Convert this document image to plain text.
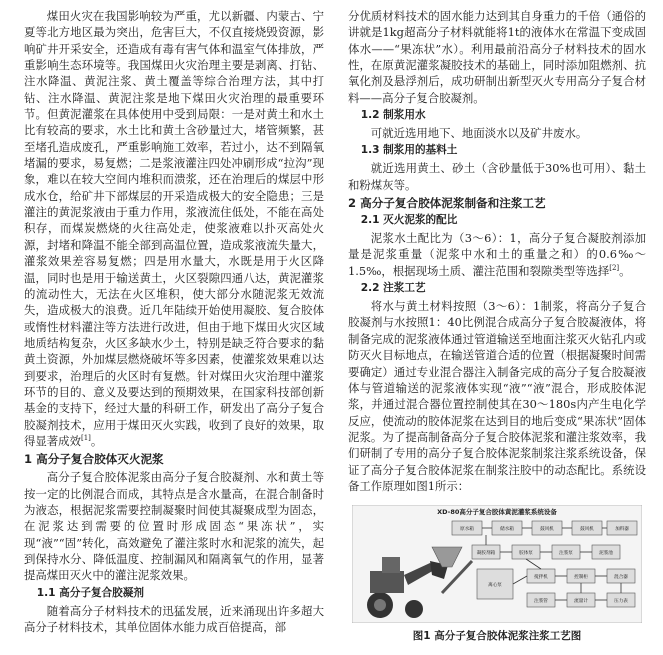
煤田火灾在我国影响较为严重，尤以新疆、内蒙古、宁夏等北方地区最为突出，危害巨大，不仅直接烧毁资源，影响矿井开采安全，还造成有毒有害气体和温室气体排放，严重影响生态环境等。我国煤田火灾治理主要是剥离、打钻、注水降温、黄泥注浆、黄土覆盖等综合治理方法，其中打钻、注水降温、黄泥注浆是地下煤田火灾治理的最重要环节。但黄泥灌浆在具体使用中受到局限：一是对黄土和水土比有较高的要求，水土比和黄土含砂量过大，堵管频繁，甚至堵孔造成废孔，严重影响施工效率，若过小，达不到隔氧堵漏的要求，易复燃；二是浆液灌注四处冲刷形成“拉沟”现象，难以在较大空间内堆积而溃浆，还在治理后的煤层中形成水仓，给矿井下部煤层的开采造成极大的安全隐患；三是灌注的黄泥浆液由于重力作用，浆液流住低处，不能在高处积存，而煤炭燃烧的火往高处走，使浆液难以扑灭高处火源，封堵和降温不能全部到高温位置，造成浆液流失量大，灌浆效果差容易复燃；四是用水量大，水既是用于火区降温，同时也是用于输送黄土，火区裂隙四通八达，黄泥灌浆的流动性大，无法在火区堆积，使大部分水随泥浆无效流失，造成极大的浪费。近几年陆续开始使用凝胶、复合胶体或惰性材料灌注等方法进行改进，但由于地下煤田火灾区域地质结构复杂，火区多缺水少土，特别是缺乏符合要求的黏黄土资源，外加煤层燃烧破坏等多因素，使灌浆效果难以达到要求，治理后的火区时有复燃。针对煤田火灾治理中灌浆环节的目的、意义及要达到的预期效果，在国家科技部创新基金的支持下，经过大量的科研工作，研发出了高分子复合胶凝剂技术，应用于煤田灭火实践，收到了良好的效果，取得显著成效[1]。

1 高分子复合胶体灭火泥浆

高分子复合胶体泥浆由高分子复合胶凝剂、水和黄土等按一定的比例混合而成，其特点是含水量高，在混合制备时为液态，根据泥浆需要控制凝聚时间使其凝聚成型为固态，在泥浆达到需要的位置时形成固态“果冻状”，实现“液”“固”转化，高效避免了灌注浆时水和泥浆的流失，起到保持水分、降低温度、控制漏风和隔离氧气的作用，显著提高煤田灭火中的灌注泥浆效果。

1.1 高分子复合胶凝剂

随着高分子材料技术的迅猛发展，近来涌现出许多超大高分子材料技术，其单位固体水能力成百倍提高，部

分优质材料技术的固水能力达到其自身重力的千倍（通俗的讲就是1kg超高分子材料就能将1t的液体水在常温下变成固体水——“果冻状”水）。利用最前沿高分子材料技术的固水性，在原黄泥灌浆凝胶技术的基础上，同时添加阻燃剂、抗氧化剂及悬浮剂后，成功研制出新型灭火专用高分子复合材料——高分子复合胶凝剂。

1.2 制浆用水

可就近选用地下、地面淡水以及矿井废水。

1.3 制浆用的基料土

就近选用黄土、砂土（含砂量低于30%也可用）、黏土和粉煤灰等。

2 高分子复合胶体泥浆制备和注浆工艺
2.1 灭火泥浆的配比

泥浆水土配比为（3～6）：1，高分子复合凝胶剂添加量是泥浆重量（泥浆中水和土的重量之和）的0.6‰～1.5‰，根据现场土质、灌注范围和裂隙类型等选择[2]。

2.2 注浆工艺

将水与黄土材料按照（3～6）：1制浆，将高分子复合胶凝剂与水按照1：40比例混合成高分子复合胶凝液体，将制备完成的泥浆液体通过管道输送至地面注浆灭火钻孔内或防灭火目标地点，在输送管道合适的位置（根据凝聚时间需要确定）通过专业混合器注入制备完成的高分子复合胶凝液体与管道输送的泥浆液体实现“液”“液”混合，形成胶体泥浆，并通过混合器位置控制使其在30～180s内产生电化学反应，使流动的胶体泥浆在达到目的地后变成“果冻状”固体泥浆。为了提高制备高分子复合胶体泥浆和灌注浆效率，我们研制了专用的高分子复合胶体泥浆制浆注浆系统设备，保证了高分子复合胶体泥浆在制浆注胶中的动态配比。系统设备工作原理如图1所示：

XD-80高分子复合胶体黄泥灌浆系统设备
原水箱	储水箱	鼓风机	鼓风机	加料器
凝胶剂箱	胶体泵	注浆泵	泥浆池
离心泵
搅拌机	控制柜	混合器
注浆管	流量计	压力表
图1 高分子复合胶体泥浆注浆工艺图
